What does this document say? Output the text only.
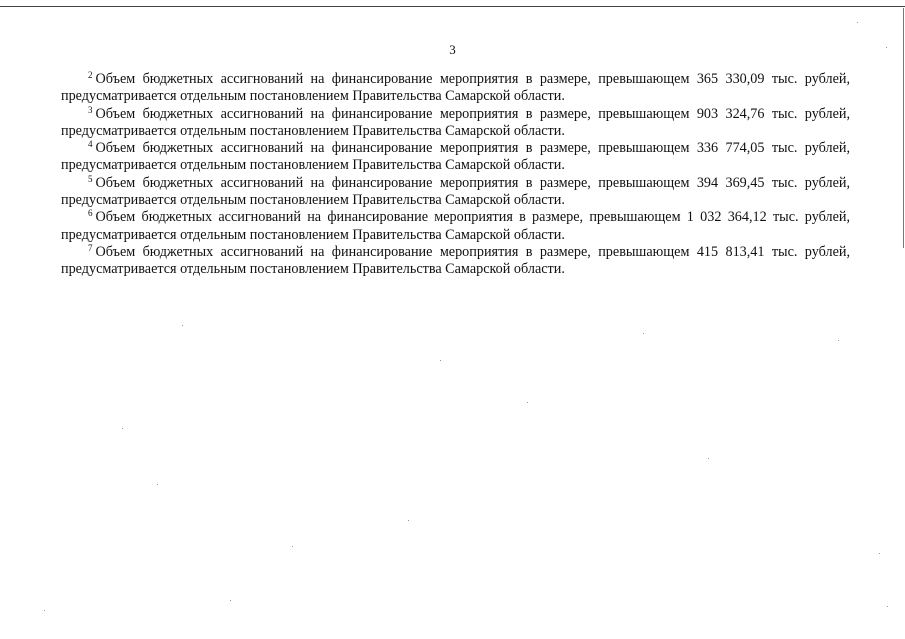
3

$^2$ Объем бюджетных ассигнований на финансирование мероприятия в размере, превышающем 365 330,09 тыс. рублей, предусматривается отдельным постановлением Правительства Самарской области.

$^3$ Объем бюджетных ассигнований на финансирование мероприятия в размере, превышающем 903 324,76 тыс. рублей, предусматривается отдельным постановлением Правительства Самарской области.

$^4$ Объем бюджетных ассигнований на финансирование мероприятия в размере, превышающем 336 774,05 тыс. рублей, предусматривается отдельным постановлением Правительства Самарской области.

$^5$ Объем бюджетных ассигнований на финансирование мероприятия в размере, превышающем 394 369,45 тыс. рублей, предусматривается отдельным постановлением Правительства Самарской области.

$^6$ Объем бюджетных ассигнований на финансирование мероприятия в размере, превышающем 1 032 364,12 тыс. рублей, предусматривается отдельным постановлением Правительства Самарской области.

$^7$ Объем бюджетных ассигнований на финансирование мероприятия в размере, превышающем 415 813,41 тыс. рублей, предусматривается отдельным постановлением Правительства Самарской области.
